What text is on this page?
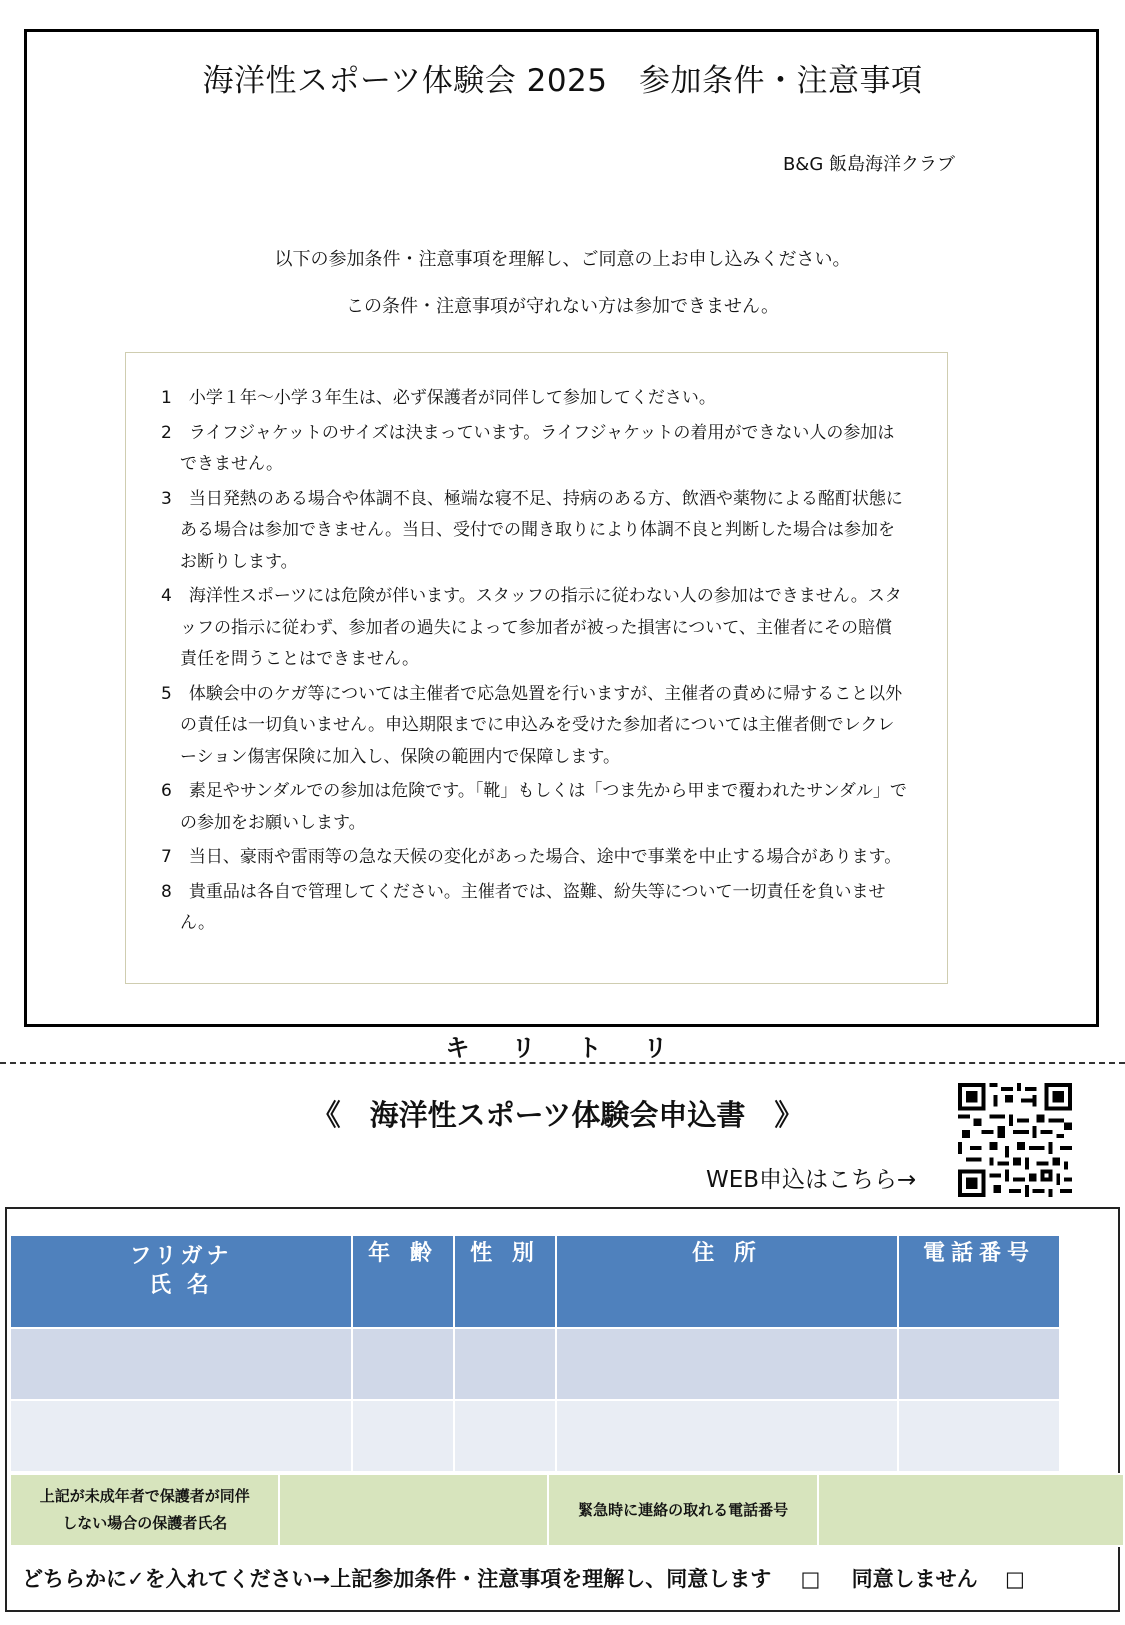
海洋性スポーツ体験会 2025　参加条件・注意事項
B&G 飯島海洋クラブ
以下の参加条件・注意事項を理解し、ご同意の上お申し込みください。
この条件・注意事項が守れない方は参加できません。
1　小学１年～小学３年生は、必ず保護者が同伴して参加してください。
2　ライフジャケットのサイズは決まっています。ライフジャケットの着用ができない人の参加はできません。
3　当日発熱のある場合や体調不良、極端な寝不足、持病のある方、飲酒や薬物による酩酊状態にある場合は参加できません。当日、受付での聞き取りにより体調不良と判断した場合は参加をお断りします。
4　海洋性スポーツには危険が伴います。スタッフの指示に従わない人の参加はできません。スタッフの指示に従わず、参加者の過失によって参加者が被った損害について、主催者にその賠償責任を問うことはできません。
5　体験会中のケガ等については主催者で応急処置を行いますが、主催者の責めに帰すること以外の責任は一切負いません。申込期限までに申込みを受けた参加者については主催者側でレクレーション傷害保険に加入し、保険の範囲内で保障します。
6　素足やサンダルでの参加は危険です。「靴」もしくは「つま先から甲まで覆われたサンダル」での参加をお願いします。
7　当日、豪雨や雷雨等の急な天候の変化があった場合、途中で事業を中止する場合があります。
8　貴重品は各自で管理してください。主催者では、盗難、紛失等について一切責任を負いません。
キリトリ
《　海洋性スポーツ体験会申込書　》
WEB申込はこちら→
フリガナ
氏 名	年 齢	性 別	住 所	電話番号

上記が未成年者で保護者が同伴
しない場合の保護者氏名
		緊急時に連絡の取れる電話番号	
どちらかに✓を入れてください→上記参加条件・注意事項を理解し、同意します □ 同意しません □
